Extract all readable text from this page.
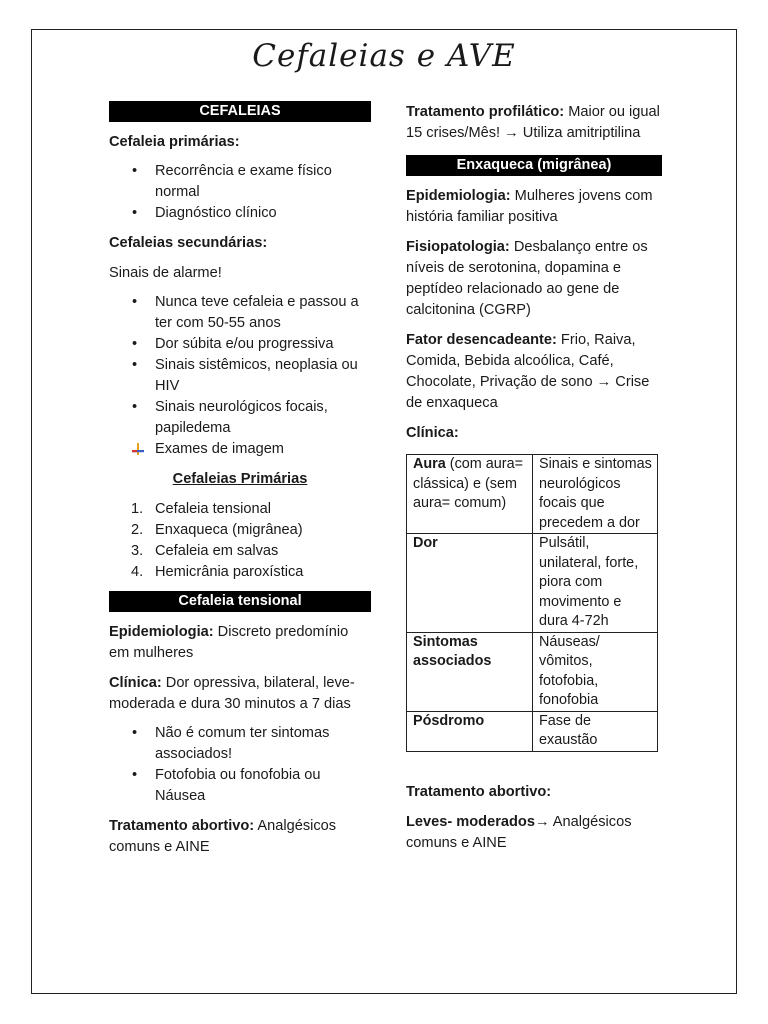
Cefaleias e AVE
CEFALEIAS
Cefaleia primárias:
• Recorrência e exame físico normal
• Diagnóstico clínico
Cefaleias secundárias:
Sinais de alarme!
• Nunca teve cefaleia e passou a ter com 50-55 anos
• Dor súbita e/ou progressiva
• Sinais sistêmicos, neoplasia ou HIV
• Sinais neurológicos focais, papiledema
Exames de imagem
Cefaleias Primárias
1. Cefaleia tensional
2. Enxaqueca (migrânea)
3. Cefaleia em salvas
4. Hemicrânia paroxística
Cefaleia tensional
Epidemiologia: Discreto predomínio em mulheres
Clínica: Dor opressiva, bilateral, leve-moderada e dura 30 minutos a 7 dias
• Não é comum ter sintomas associados!
• Fotofobia ou fonofobia ou Náusea
Tratamento abortivo: Analgésicos comuns e AINE
Tratamento profilático: Maior ou igual 15 crises/Mês! → Utiliza amitriptilina
Enxaqueca (migrânea)
Epidemiologia: Mulheres jovens com história familiar positiva
Fisiopatologia: Desbalanço entre os níveis de serotonina, dopamina e peptídeo relacionado ao gene de calcitonina (CGRP)
Fator desencadeante: Frio, Raiva, Comida, Bebida alcoólica, Café, Chocolate, Privação de sono → Crise de enxaqueca
Clínica:
Aura (com aura= clássica) e (sem aura= comum)	Sinais e sintomas neurológicos focais que precedem a dor
Dor	Pulsátil, unilateral, forte, piora com movimento e dura 4-72h
Sintomas associados	Náuseas/ vômitos, fotofobia, fonofobia
Pósdromo	Fase de exaustão
Tratamento abortivo:
Leves- moderados→ Analgésicos comuns e AINE
